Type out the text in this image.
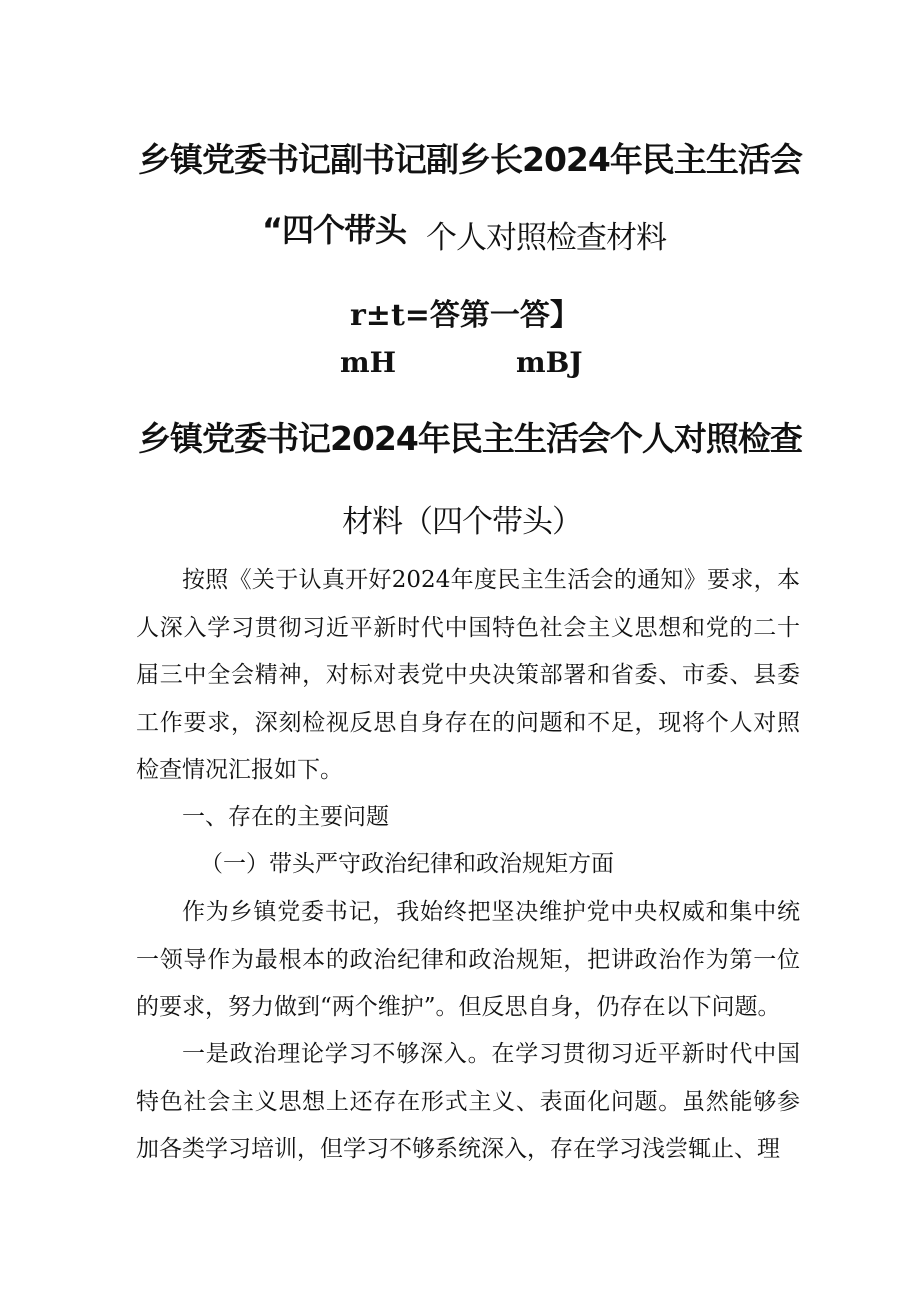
乡镇党委书记副书记副乡长2024年民主生活会
“四个带头 个人对照检查材料
r±t=答第一答】
mH	mBJ
乡镇党委书记2024年民主生活会个人对照检查
材料（四个带头）

按照《关于认真开好2024年度民主生活会的通知》要求，本人深入学习贯彻习近平新时代中国特色社会主义思想和党的二十届三中全会精神，对标对表党中央决策部署和省委、市委、县委工作要求，深刻检视反思自身存在的问题和不足，现将个人对照检查情况汇报如下。

一、存在的主要问题
（一）带头严守政治纪律和政治规矩方面

作为乡镇党委书记，我始终把坚决维护党中央权威和集中统一领导作为最根本的政治纪律和政治规矩，把讲政治作为第一位的要求，努力做到“两个维护”。但反思自身，仍存在以下问题。

一是政治理论学习不够深入。在学习贯彻习近平新时代中国特色社会主义思想上还存在形式主义、表面化问题。虽然能够参加各类学习培训，但学习不够系统深入，存在学习浅尝辄止、理
